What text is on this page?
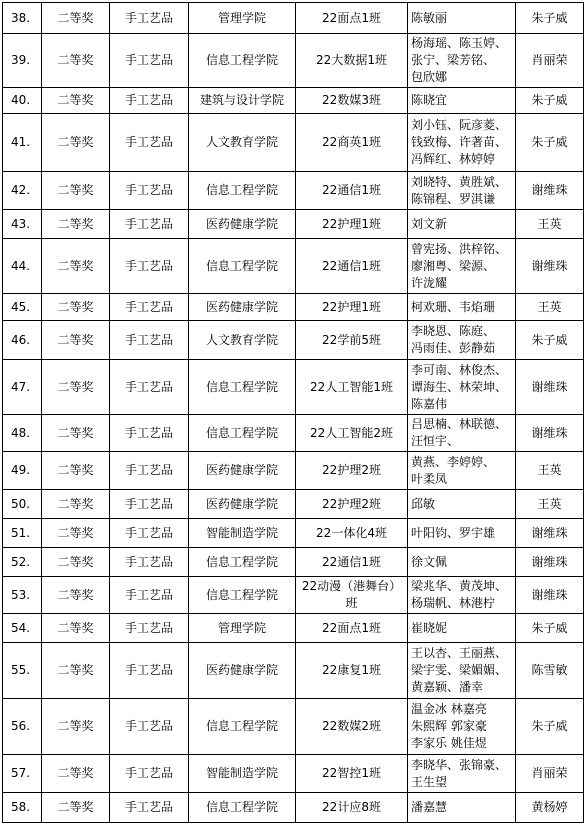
38.	二等奖	手工艺品	管理学院	22面点1班	陈敏丽	朱子威
39.	二等奖	手工艺品	信息工程学院	22大数据1班	杨海瑶、陈玉婷、
张宁、梁芳铭、
包欣娜	肖丽荣
40.	二等奖	手工艺品	建筑与设计学院	22数媒3班	陈晓宜	朱子威
41.	二等奖	手工艺品	人文教育学院	22商英1班	刘小钰、阮彦菱、
钱致梅、许著苗、
冯辉红、林婷婷	朱子威
42.	二等奖	手工艺品	信息工程学院	22通信1班	刘晓特、黄胜斌、
陈锦程、罗淇谦	谢维珠
43.	二等奖	手工艺品	医药健康学院	22护理1班	刘文新	王英
44.	二等奖	手工艺品	信息工程学院	22通信1班	曾宪扬、洪梓铭、
廖湘粤、梁源、
许泷耀	谢维珠
45.	二等奖	手工艺品	医药健康学院	22护理1班	柯欢珊、韦焰珊	王英
46.	二等奖	手工艺品	人文教育学院	22学前5班	李晓恩、陈庭、
冯雨佳、彭静茹	朱子威
47.	二等奖	手工艺品	信息工程学院	22人工智能1班	李可南、林俊杰、
谭海生、林荣坤、
陈嘉伟	谢维珠
48.	二等奖	手工艺品	信息工程学院	22人工智能2班	吕思楠、林联德、
汪恒宇、	谢维珠
49.	二等奖	手工艺品	医药健康学院	22护理2班	黄燕、李婷婷、
叶柔凤	王英
50.	二等奖	手工艺品	医药健康学院	22护理2班	邱敏	王英
51.	二等奖	手工艺品	智能制造学院	22一体化4班	叶阳钧、罗宇雄	谢维珠
52.	二等奖	手工艺品	信息工程学院	22通信1班	徐文佩	谢维珠
53.	二等奖	手工艺品	信息工程学院	22动漫（港舞台）班	梁兆华、黄茂坤、
杨瑞帆、林港柠	谢维珠
54.	二等奖	手工艺品	管理学院	22面点1班	崔晓妮	朱子威
55.	二等奖	手工艺品	医药健康学院	22康复1班	王以杏、王丽燕、
梁宇雯、梁媚媚、
黄嘉颖、潘幸	陈雪敏
56.	二等奖	手工艺品	信息工程学院	22数媒2班	温金冰 林嘉亮
朱熙辉 郭家豪
李家乐 姚佳煜	朱子威
57.	二等奖	手工艺品	智能制造学院	22智控1班	李晓华、张锦豪、
王生望	肖丽荣
58.	二等奖	手工艺品	信息工程学院	22计应8班	潘嘉慧	黄杨婷
